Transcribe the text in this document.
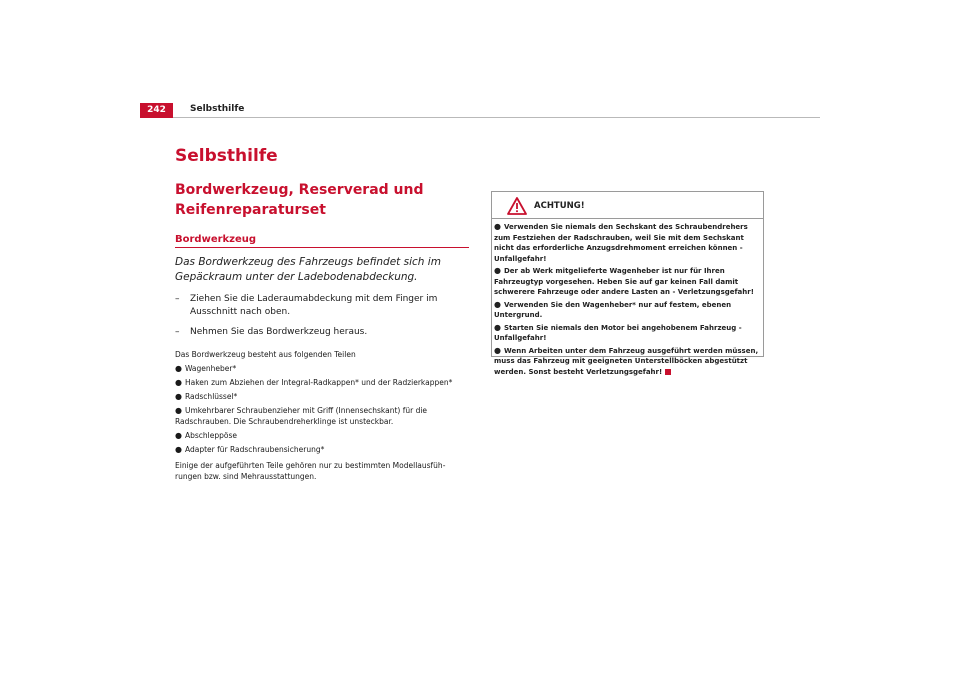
242	Selbsthilfe
Selbsthilfe
Bordwerkzeug, Reserverad und Reifenreparaturset
Bordwerkzeug

Das Bordwerkzeug des Fahrzeugs befindet sich im Gepäckraum unter der Ladebodenabdeckung.

– Ziehen Sie die Laderaumabdeckung mit dem Finger im Ausschnitt nach oben.
– Nehmen Sie das Bordwerkzeug heraus.

Das Bordwerkzeug besteht aus folgenden Teilen

● Wagenheber*
● Haken zum Abziehen der Integral-Radkappen* und der Radzierkappen*
● Radschlüssel*
● Umkehrbarer Schraubenzieher mit Griff (Innensechskant) für die Radschrauben. Die Schraubendreherklinge ist unsteckbar.
● Abschleppöse
● Adapter für Radschraubensicherung*

Einige der aufgeführten Teile gehören nur zu bestimmten Modellausführungen bzw. sind Mehrausstattungen.

ACHTUNG!

● Verwenden Sie niemals den Sechskant des Schraubendrehers zum Festziehen der Radschrauben, weil Sie mit dem Sechskant nicht das erforderliche Anzugsdrehmoment erreichen können - Unfallgefahr!

● Der ab Werk mitgelieferte Wagenheber ist nur für Ihren Fahrzeugtyp vorgesehen. Heben Sie auf gar keinen Fall damit schwerere Fahrzeuge oder andere Lasten an - Verletzungsgefahr!

● Verwenden Sie den Wagenheber* nur auf festem, ebenen Untergrund.

● Starten Sie niemals den Motor bei angehobenem Fahrzeug - Unfallgefahr!

● Wenn Arbeiten unter dem Fahrzeug ausgeführt werden müssen, muss das Fahrzeug mit geeigneten Unterstellböcken abgestützt werden. Sonst besteht Verletzungsgefahr!
